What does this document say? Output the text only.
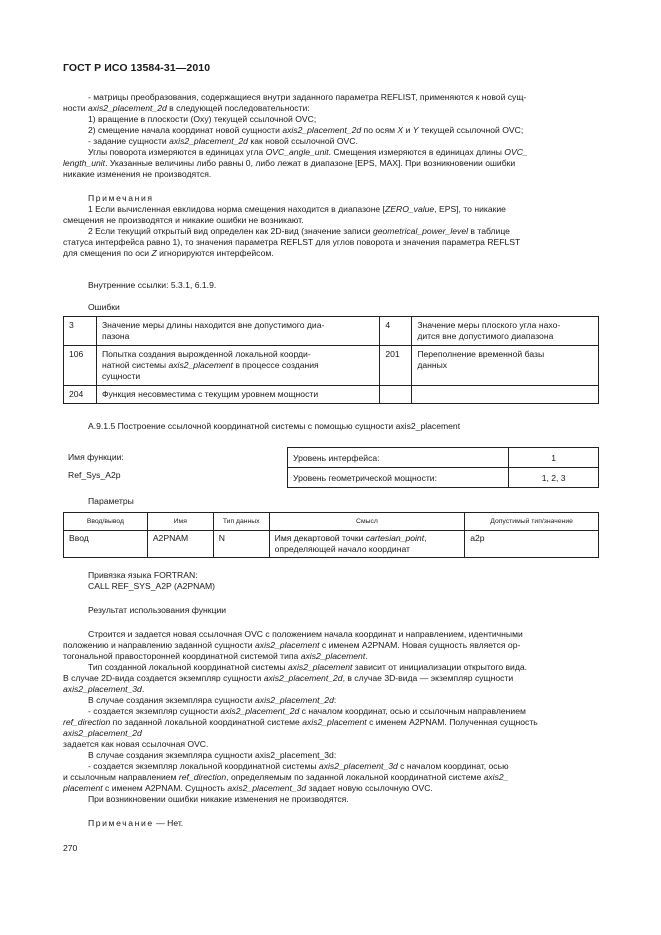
ГОСТ Р ИСО 13584-31—2010

- матрицы преобразования, содержащиеся внутри заданного параметра REFLIST, применяются к новой сущ-

ности axis2_placement_2d в следующей последовательности:

1) вращение в плоскости (Oxy) текущей ссылочной OVC;

2) смещение начала координат новой сущности axis2_placement_2d по осям X и Y текущей ссылочной OVC;

- задание сущности axis2_placement_2d как новой ссылочной OVC.

Углы поворота измеряются в единицах угла OVC_angle_unit. Смещения измеряются в единицах длины OVC_

length_unit. Указанные величины либо равны 0, либо лежат в диапазоне [EPS, MAX]. При возникновении ошибки

никакие изменения не производятся.

Примечания

1 Если вычисленная евклидова норма смещения находится в диапазоне [ZERO_value, EPS], то никакие

смещения не производятся и никакие ошибки не возникают.

2 Если текущий открытый вид определен как 2D-вид (значение записи geometrical_power_level в таблице

статуса интерфейса равно 1), то значения параметра REFLST для углов поворота и значения параметра REFLST

для смещения по оси Z игнорируются интерфейсом.

Внутренние ссылки: 5.3.1, 6.1.9.

Ошибки
3	Значение меры длины находится вне допустимого диа-
пазона	4	Значение меры плоского угла нахо-
дится вне допустимого диапазона
106	Попытка создания вырожденной локальной коорди-
натной системы axis2_placement в процессе создания
сущности	201	Переполнение временной базы
данных
204	Функция несовместима с текущим уровнем мощности		
A.9.1.5 Построение ссылочной координатной системы с помощью сущности axis2_placement
Имя функции:
Ref_Sys_A2p
Уровень интерфейса:	1
Уровень геометрической мощности:	1, 2, 3
Параметры
Ввод/вывод	Имя	Тип данных	Смысл	Допустимый тип/значение
Ввод	A2PNAM	N	Имя декартовой точки cartesian_point,
определяющей начало координат	a2p

Привязка языка FORTRAN:

CALL REF_SYS_A2P (A2PNAM)

Результат использования функции

Строится и задается новая ссылочная OVC с положением начала координат и направлением, идентичными

положению и направлению заданной сущности axis2_placement с именем A2PNAM. Новая сущность является ор-

тогональной правосторонней координатной системой типа axis2_placement.

Тип созданной локальной координатной системы axis2_placement зависит от инициализации открытого вида.

В случае 2D-вида создается экземпляр сущности axis2_placement_2d, в случае 3D-вида — экземпляр сущности

axis2_placement_3d.

В случае создания экземпляра сущности axis2_placement_2d:

- создается экземпляр сущности axis2_placement_2d с началом координат, осью и ссылочным направлением

ref_direction по заданной локальной координатной системе axis2_placement с именем A2PNAM. Полученная сущность axis2_placement_2d

задается как новая ссылочная OVC.

В случае создания экземпляра сущности axis2_placement_3d:

- создается экземпляр локальной координатной системы axis2_placement_3d с началом координат, осью

и ссылочным направлением ref_direction, определяемым по заданной локальной координатной системе axis2_

placement с именем A2PNAM. Сущность axis2_placement_3d задает новую ссылочную OVC.

При возникновении ошибки никакие изменения не производятся.

Примечание — Нет.

270
